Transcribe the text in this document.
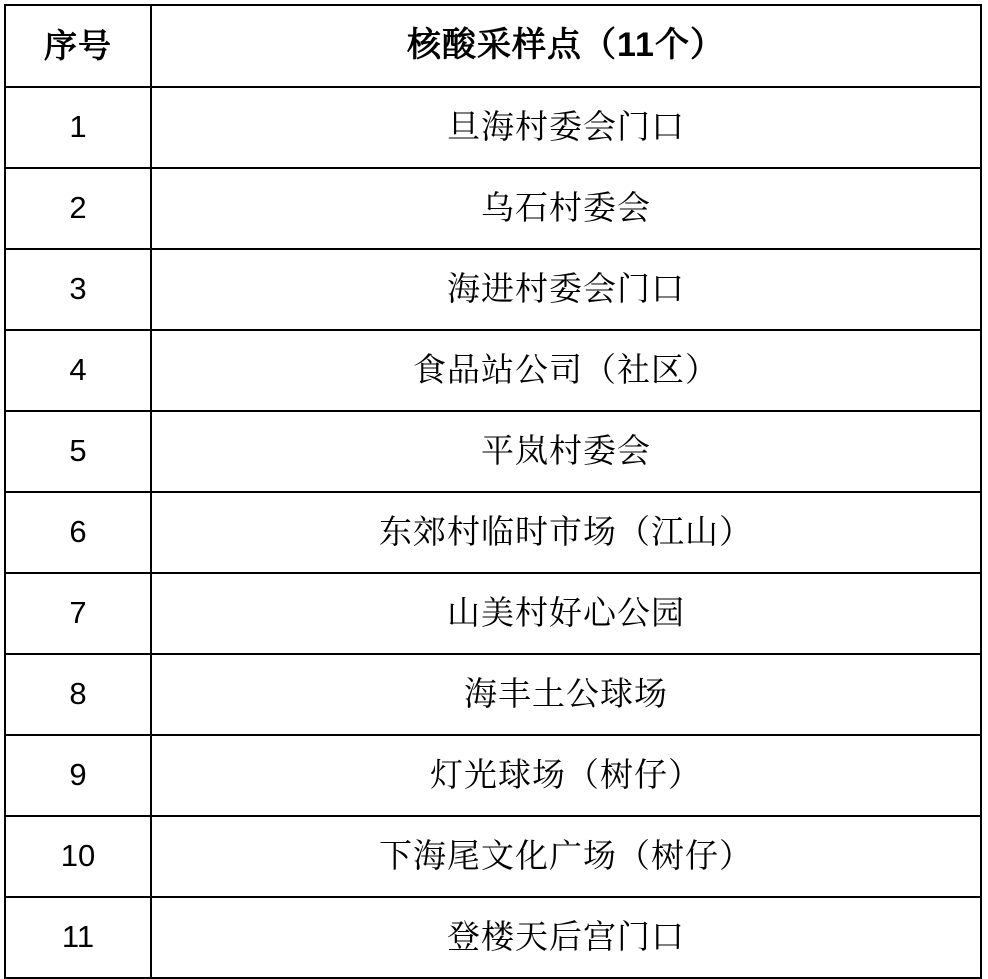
序号	核酸采样点（11个）
1	旦海村委会门口
2	乌石村委会
3	海进村委会门口
4	食品站公司（社区）
5	平岚村委会
6	东郊村临时市场（江山）
7	山美村好心公园
8	海丰土公球场
9	灯光球场（树仔）
10	下海尾文化广场（树仔）
11	登楼天后宫门口
